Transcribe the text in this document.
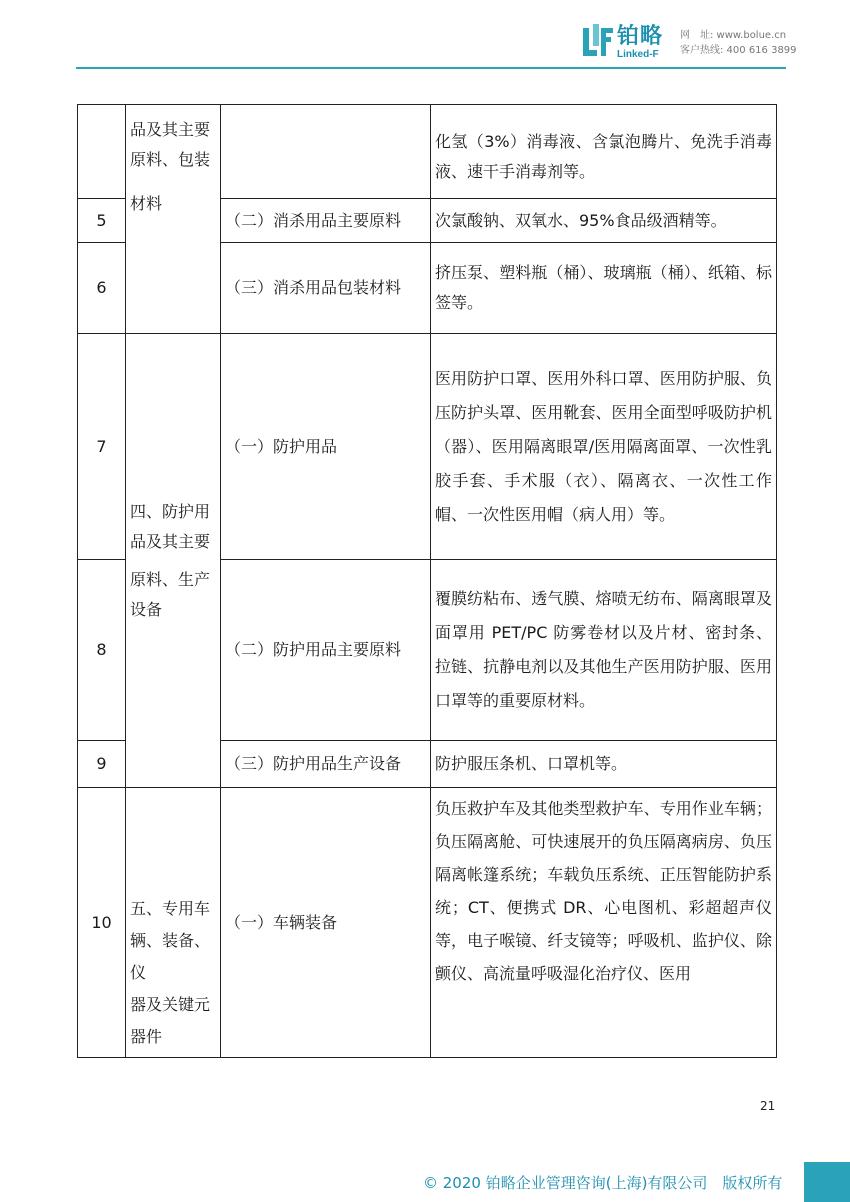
铂略
Linked-F
网　址: www.bolue.cn
客户热线: 400 616 3899

	品及其主要
原料、包装
材料		化氢（3%）消毒液、含氯泡腾片、免洗手消毒液、速干手消毒剂等。
5		（二）消杀用品主要原料	次氯酸钠、双氧水、95%食品级酒精等。
6		（三）消杀用品包装材料	挤压泵、塑料瓶（桶）、玻璃瓶（桶）、纸箱、标签等。
7	四、防护用
品及其主要
原料、生产
设备	（一）防护用品	医用防护口罩、医用外科口罩、医用防护服、负压防护头罩、医用靴套、医用全面型呼吸防护机（器）、医用隔离眼罩/医用隔离面罩、一次性乳胶手套、手术服（衣）、隔离衣、一次性工作帽、一次性医用帽（病人用）等。
8		（二）防护用品主要原料	覆膜纺粘布、透气膜、熔喷无纺布、隔离眼罩及面罩用 PET/PC 防雾卷材以及片材、密封条、拉链、抗静电剂以及其他生产医用防护服、医用口罩等的重要原材料。
9		（三）防护用品生产设备	防护服压条机、口罩机等。
10	五、专用车
辆、装备、仪
器及关键元
器件	（一）车辆装备	负压救护车及其他类型救护车、专用作业车辆；负压隔离舱、可快速展开的负压隔离病房、负压隔离帐篷系统；车载负压系统、正压智能防护系统；CT、便携式 DR、心电图机、彩超超声仪等，电子喉镜、纤支镜等；呼吸机、监护仪、除颤仪、高流量呼吸湿化治疗仪、医用
21
© 2020 铂略企业管理咨询(上海)有限公司　版权所有
